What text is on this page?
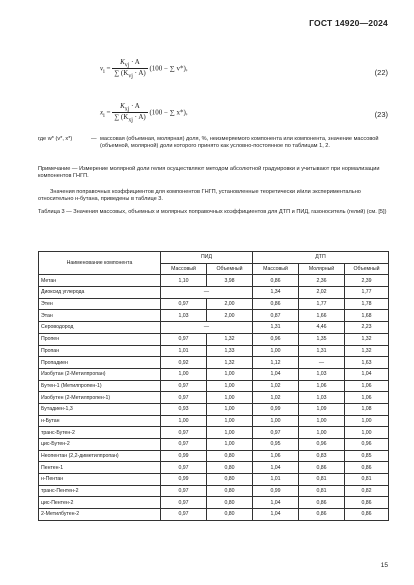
ГОСТ 14920—2024
$v_i = \frac{K_{vj} \cdot A}{\sum (K_{vj} \cdot A)} (100$ − ∑ v*),	(22)
$x_i = \frac{K_{xj} \cdot A}{\sum (K_{xj} \cdot A)} (100$ − ∑ x*),	(23)
где w* (v*, x*)	— массовая (объемная, молярная) доля, %, неизмеряемого компонента или компонента, значение массовой (объемной, молярной) доли которого принято как условно-постоянное по таблицам 1, 2.
Примечание — Измерение молярной доли гелия осуществляют методом абсолютной градуировки и учитывают при нормализации компонентов ГНГП.
Значения поправочных коэффициентов для компонентов ГНГП, установленные теоретически и/или экспериментально относительно н-бутана, приведены в таблице 3.
Таблица 3 — Значения массовых, объемных и молярных поправочных коэффициентов для ДТП и ПИД, газоноситель (гелий) (см. [5])
Наименование компонента	ПИД		ДТП		
	Массовый	Объемный	Массовый	Молярный	Объемный
Метан	1,10	3,98	0,86	2,36	2,39
Диоксид углерода	—		1,34	2,02	1,77
Этен	0,97	2,00	0,86	1,77	1,78
Этан	1,03	2,00	0,87	1,66	1,68
Сероводород	—		1,31	4,46	2,23
Пропен	0,97	1,32	0,96	1,35	1,32
Пропан	1,01	1,33	1,00	1,31	1,32
Пропадиен	0,92	1,32	1,12	—	1,63
Изобутан (2-Метилпропан)	1,00	1,00	1,04	1,03	1,04
Бутен-1 (Метилпропен-1)	0,97	1,00	1,02	1,06	1,06
Изобутен (2-Метилпропен-1)	0,97	1,00	1,02	1,03	1,06
Бутадиен-1,3	0,93	1,00	0,99	1,09	1,08
н-Бутан	1,00	1,00	1,00	1,00	1,00
транс-Бутен-2	0,97	1,00	0,97	1,00	1,00
цис-Бутен-2	0,97	1,00	0,95	0,96	0,96
Неопентан (2,2-диметилпропан)	0,99	0,80	1,06	0,83	0,85
Пентен-1	0,97	0,80	1,04	0,86	0,86
н-Пентан	0,99	0,80	1,01	0,81	0,81
транс-Пентен-2	0,97	0,80	0,99	0,81	0,82
цис-Пентен-2	0,97	0,80	1,04	0,86	0,86
2-Метилбутен-2	0,97	0,80	1,04	0,86	0,86
15
